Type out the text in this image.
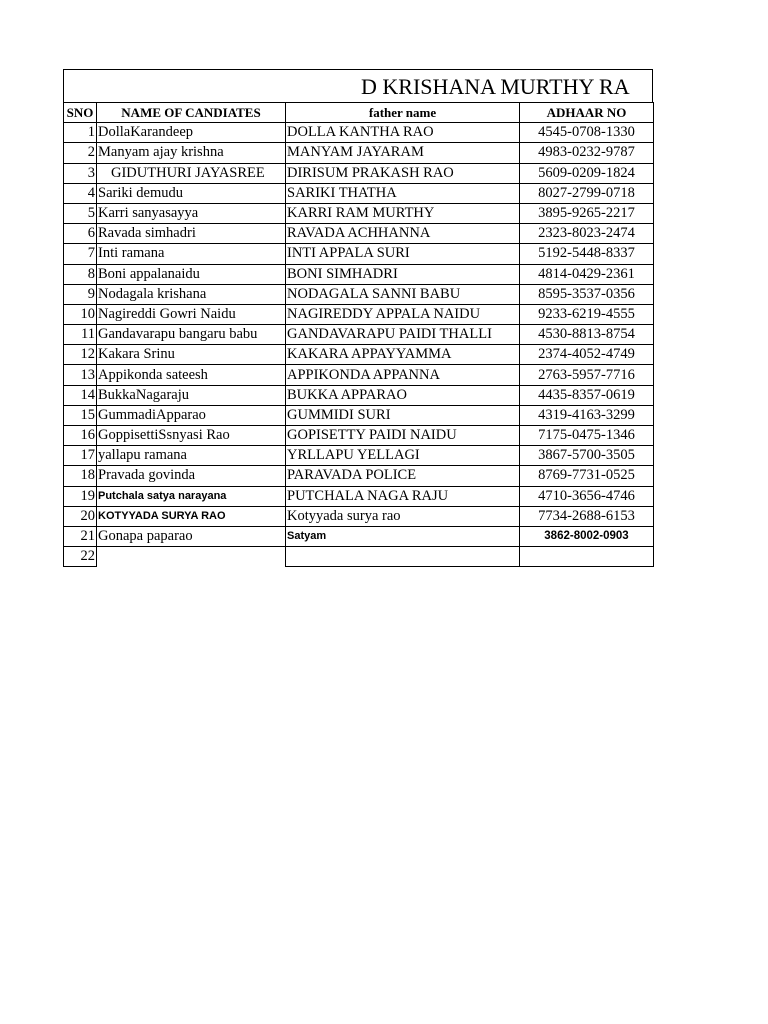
D KRISHANA MURTHY RA
SNO	NAME OF CANDIATES	father name	ADHAAR NO
1	DollaKarandeep	DOLLA KANTHA RAO	4545-0708-1330
2	Manyam ajay krishna	MANYAM JAYARAM	4983-0232-9787
3	GIDUTHURI JAYASREE	DIRISUM PRAKASH RAO	5609-0209-1824
4	Sariki demudu	SARIKI THATHA	8027-2799-0718
5	Karri sanyasayya	KARRI RAM MURTHY	3895-9265-2217
6	Ravada simhadri	RAVADA ACHHANNA	2323-8023-2474
7	Inti ramana	INTI APPALA SURI	5192-5448-8337
8	Boni appalanaidu	BONI SIMHADRI	4814-0429-2361
9	Nodagala krishana	NODAGALA SANNI BABU	8595-3537-0356
10	Nagireddi Gowri Naidu	NAGIREDDY APPALA NAIDU	9233-6219-4555
11	Gandavarapu bangaru babu	GANDAVARAPU PAIDI THALLI	4530-8813-8754
12	Kakara Srinu	KAKARA APPAYYAMMA	2374-4052-4749
13	Appikonda sateesh	APPIKONDA APPANNA	2763-5957-7716
14	BukkaNagaraju	BUKKA APPARAO	4435-8357-0619
15	GummadiApparao	GUMMIDI SURI	4319-4163-3299
16	GoppisettiSsnyasi Rao	GOPISETTY PAIDI NAIDU	7175-0475-1346
17	yallapu ramana	YRLLAPU YELLAGI	3867-5700-3505
18	Pravada govinda	PARAVADA POLICE	8769-7731-0525
19	Putchala satya narayana	PUTCHALA NAGA RAJU	4710-3656-4746
20	KOTYYADA SURYA RAO	Kotyyada surya rao	7734-2688-6153
21	Gonapa paparao	Satyam	3862-8002-0903
22			
